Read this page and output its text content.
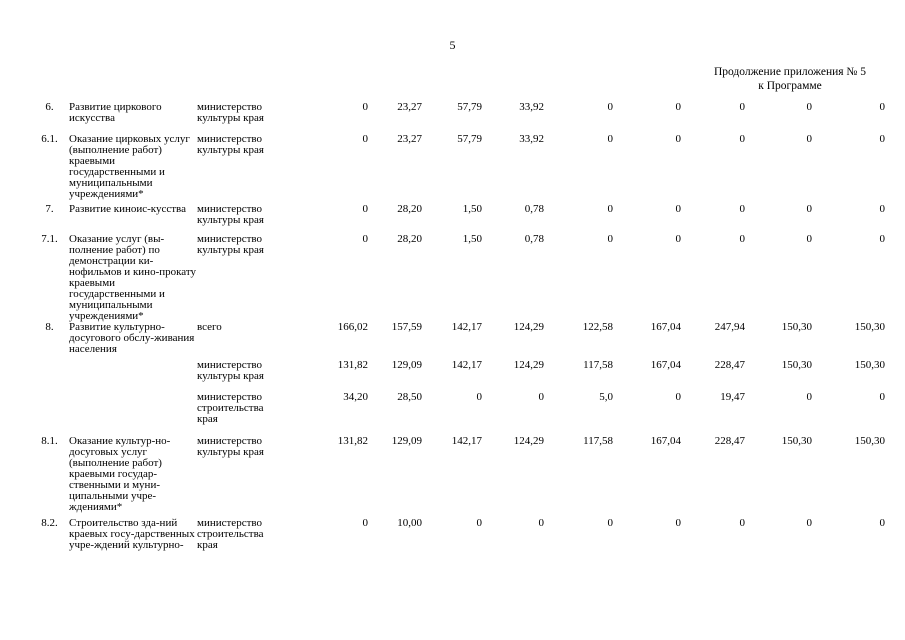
5
Продолжение приложения № 5
к Программе
6.	Развитие циркового искусства	министерство культуры края	0	23,27	57,79	33,92	0	0	0	0	0
6.1.	Оказание цирковых услуг (выполнение работ) краевыми государственными и муниципальными учреждениями*	министерство культуры края	0	23,27	57,79	33,92	0	0	0	0	0
7.	Развитие киноис-кусства	министерство культуры края	0	28,20	1,50	0,78	0	0	0	0	0
7.1.	Оказание услуг (вы-полнение работ) по демонстрации ки-нофильмов и кино-прокату краевыми государственными и муниципальными учреждениями*	министерство культуры края	0	28,20	1,50	0,78	0	0	0	0	0
8.	Развитие культурно-досугового обслу-живания населения	всего	166,02	157,59	142,17	124,29	122,58	167,04	247,94	150,30	150,30
		министерство культуры края	131,82	129,09	142,17	124,29	117,58	167,04	228,47	150,30	150,30
		министерство строительства края	34,20	28,50	0	0	5,0	0	19,47	0	0
8.1.	Оказание культур-но-досуговых услуг (выполнение работ) краевыми государ-ственными и муни-ципальными учре-ждениями*	министерство культуры края	131,82	129,09	142,17	124,29	117,58	167,04	228,47	150,30	150,30
8.2.	Строительство зда-ний краевых госу-дарственных учре-ждений культурно-	министерство строительства края	0	10,00	0	0	0	0	0	0	0
